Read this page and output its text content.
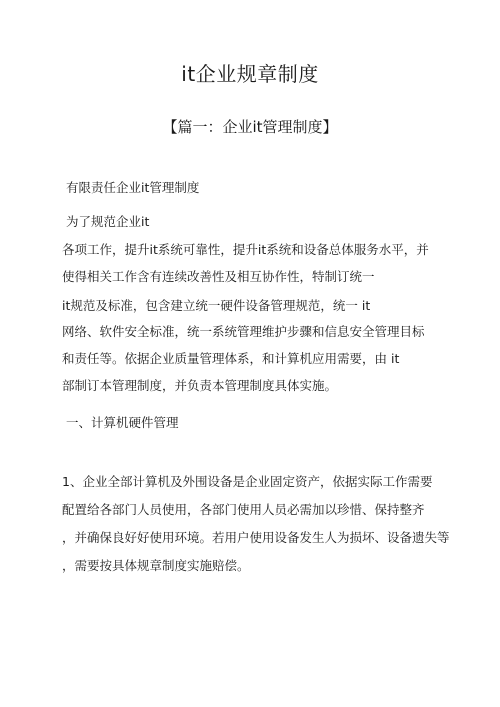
it企业规章制度
【篇一：企业it管理制度】
有限责任企业it管理制度
为了规范企业it
各项工作，提升it系统可靠性，提升it系统和设备总体服务水平，并
使得相关工作含有连续改善性及相互协作性，特制订统一
it规范及标准，包含建立统一硬件设备管理规范，统一 it
网络、软件安全标准，统一系统管理维护步骤和信息安全管理目标
和责任等。依据企业质量管理体系，和计算机应用需要，由 it
部制订本管理制度，并负责本管理制度具体实施。
一、计算机硬件管理
1、企业全部计算机及外围设备是企业固定资产，依据实际工作需要
配置给各部门人员使用，各部门使用人员必需加以珍惜、保持整齐
，并确保良好好使用环境。若用户使用设备发生人为损坏、设备遗失等
，需要按具体规章制度实施赔偿。
